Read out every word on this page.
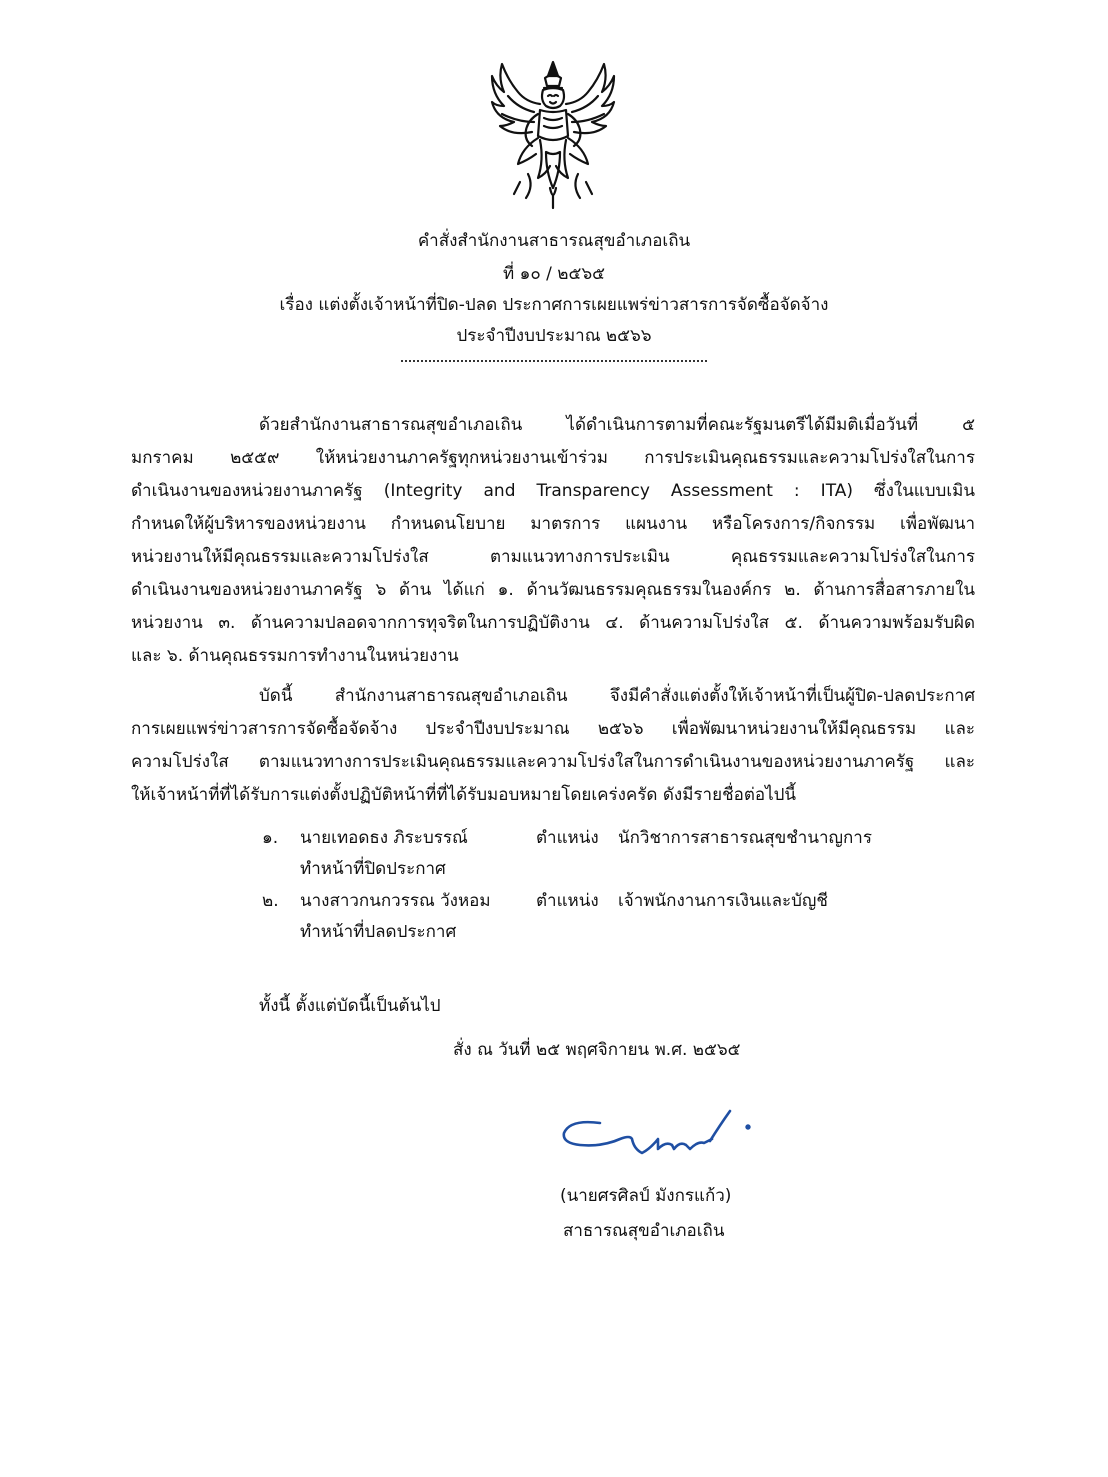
คำสั่งสำนักงานสาธารณสุขอำเภอเถิน
ที่ ๑๐ / ๒๕๖๕
เรื่อง แต่งตั้งเจ้าหน้าที่ปิด-ปลด ประกาศการเผยแพร่ข่าวสารการจัดซื้อจัดจ้าง
ประจำปีงบประมาณ ๒๕๖๖
ด้วยสำนักงานสาธารณสุขอำเภอเถิน ได้ดำเนินการตามที่คณะรัฐมนตรีได้มีมติเมื่อวันที่ ๕
มกราคม ๒๕๕๙ ให้หน่วยงานภาครัฐทุกหน่วยงานเข้าร่วม การประเมินคุณธรรมและความโปร่งใสในการ
ดำเนินงานของหน่วยงานภาครัฐ (Integrity and Transparency Assessment : ITA) ซึ่งในแบบเมิน
กำหนดให้ผู้บริหารของหน่วยงาน กำหนดนโยบาย มาตรการ แผนงาน หรือโครงการ/กิจกรรม เพื่อพัฒนา
หน่วยงานให้มีคุณธรรมและความโปร่งใส ตามแนวทางการประเมิน คุณธรรมและความโปร่งใสในการ
ดำเนินงานของหน่วยงานภาครัฐ ๖ ด้าน ได้แก่ ๑. ด้านวัฒนธรรมคุณธรรมในองค์กร ๒. ด้านการสื่อสารภายใน
หน่วยงาน ๓. ด้านความปลอดจากการทุจริตในการปฏิบัติงาน ๔. ด้านความโปร่งใส ๕. ด้านความพร้อมรับผิด
และ ๖. ด้านคุณธรรมการทำงานในหน่วยงาน
บัดนี้ สำนักงานสาธารณสุขอำเภอเถิน จึงมีคำสั่งแต่งตั้งให้เจ้าหน้าที่เป็นผู้ปิด-ปลดประกาศ
การเผยแพร่ข่าวสารการจัดซื้อจัดจ้าง ประจำปีงบประมาณ ๒๕๖๖ เพื่อพัฒนาหน่วยงานให้มีคุณธรรม และ
ความโปร่งใส ตามแนวทางการประเมินคุณธรรมและความโปร่งใสในการดำเนินงานของหน่วยงานภาครัฐ และ
ให้เจ้าหน้าที่ที่ได้รับการแต่งตั้งปฏิบัติหน้าที่ที่ได้รับมอบหมายโดยเคร่งครัด ดังมีรายชื่อต่อไปนี้
๑. นายเทอดธง ภิระบรรณ์	ตำแหน่ง นักวิชาการสาธารณสุขชำนาญการ
ทำหน้าที่ปิดประกาศ
๒. นางสาวกนกวรรณ วังหอม	ตำแหน่ง เจ้าพนักงานการเงินและบัญชี
ทำหน้าที่ปลดประกาศ
ทั้งนี้ ตั้งแต่บัดนี้เป็นต้นไป
สั่ง ณ วันที่ ๒๕ พฤศจิกายน พ.ศ. ๒๕๖๕
(นายศรศิลป์ มังกรแก้ว)
สาธารณสุขอำเภอเถิน
